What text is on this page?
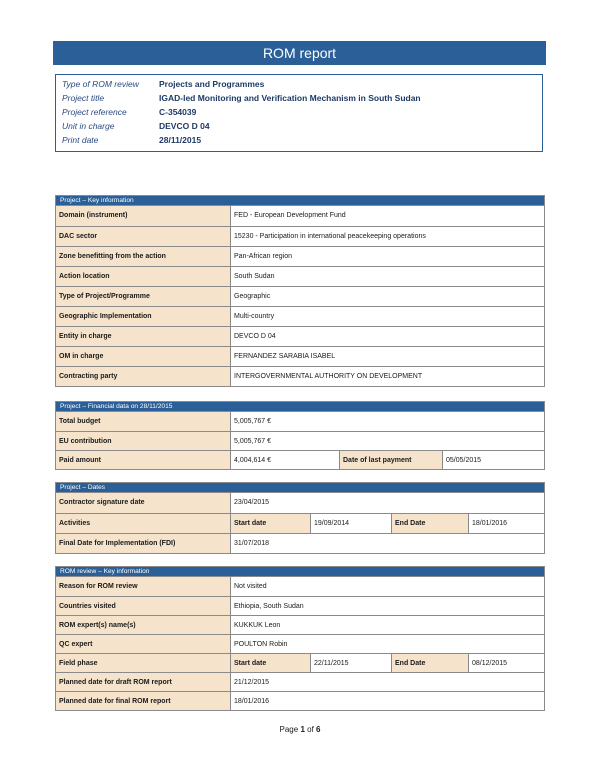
ROM report
Type of ROM review	Projects and Programmes
Project title	IGAD-led Monitoring and Verification Mechanism in South Sudan
Project reference	C-354039
Unit in charge	DEVCO D 04
Print date	28/11/2015
Project – Key information
Domain (instrument)	FED - European Development Fund
DAC sector	15230 - Participation in international peacekeeping operations
Zone benefitting from the action	Pan-African region
Action location	South Sudan
Type of Project/Programme	Geographic
Geographic Implementation	Multi-country
Entity in charge	DEVCO D 04
OM in charge	FERNANDEZ SARABIA ISABEL
Contracting party	INTERGOVERNMENTAL AUTHORITY ON DEVELOPMENT
Project – Financial data on 28/11/2015
Total budget	5,005,767 €
EU contribution	5,005,767 €
Paid amount	4,004,614 €	Date of last payment	05/05/2015
Project – Dates
Contractor signature date	23/04/2015
Activities	Start date	19/09/2014	End Date	18/01/2016
Final Date for Implementation (FDI)	31/07/2018
ROM review – Key information
Reason for ROM review	Not visited
Countries visited	Ethiopia, South Sudan
ROM expert(s) name(s)	KUKKUK Leon
QC expert	POULTON Robin
Field phase	Start date	22/11/2015	End Date	08/12/2015
Planned date for draft ROM report	21/12/2015
Planned date for final ROM report	18/01/2016
Page 1 of 6
